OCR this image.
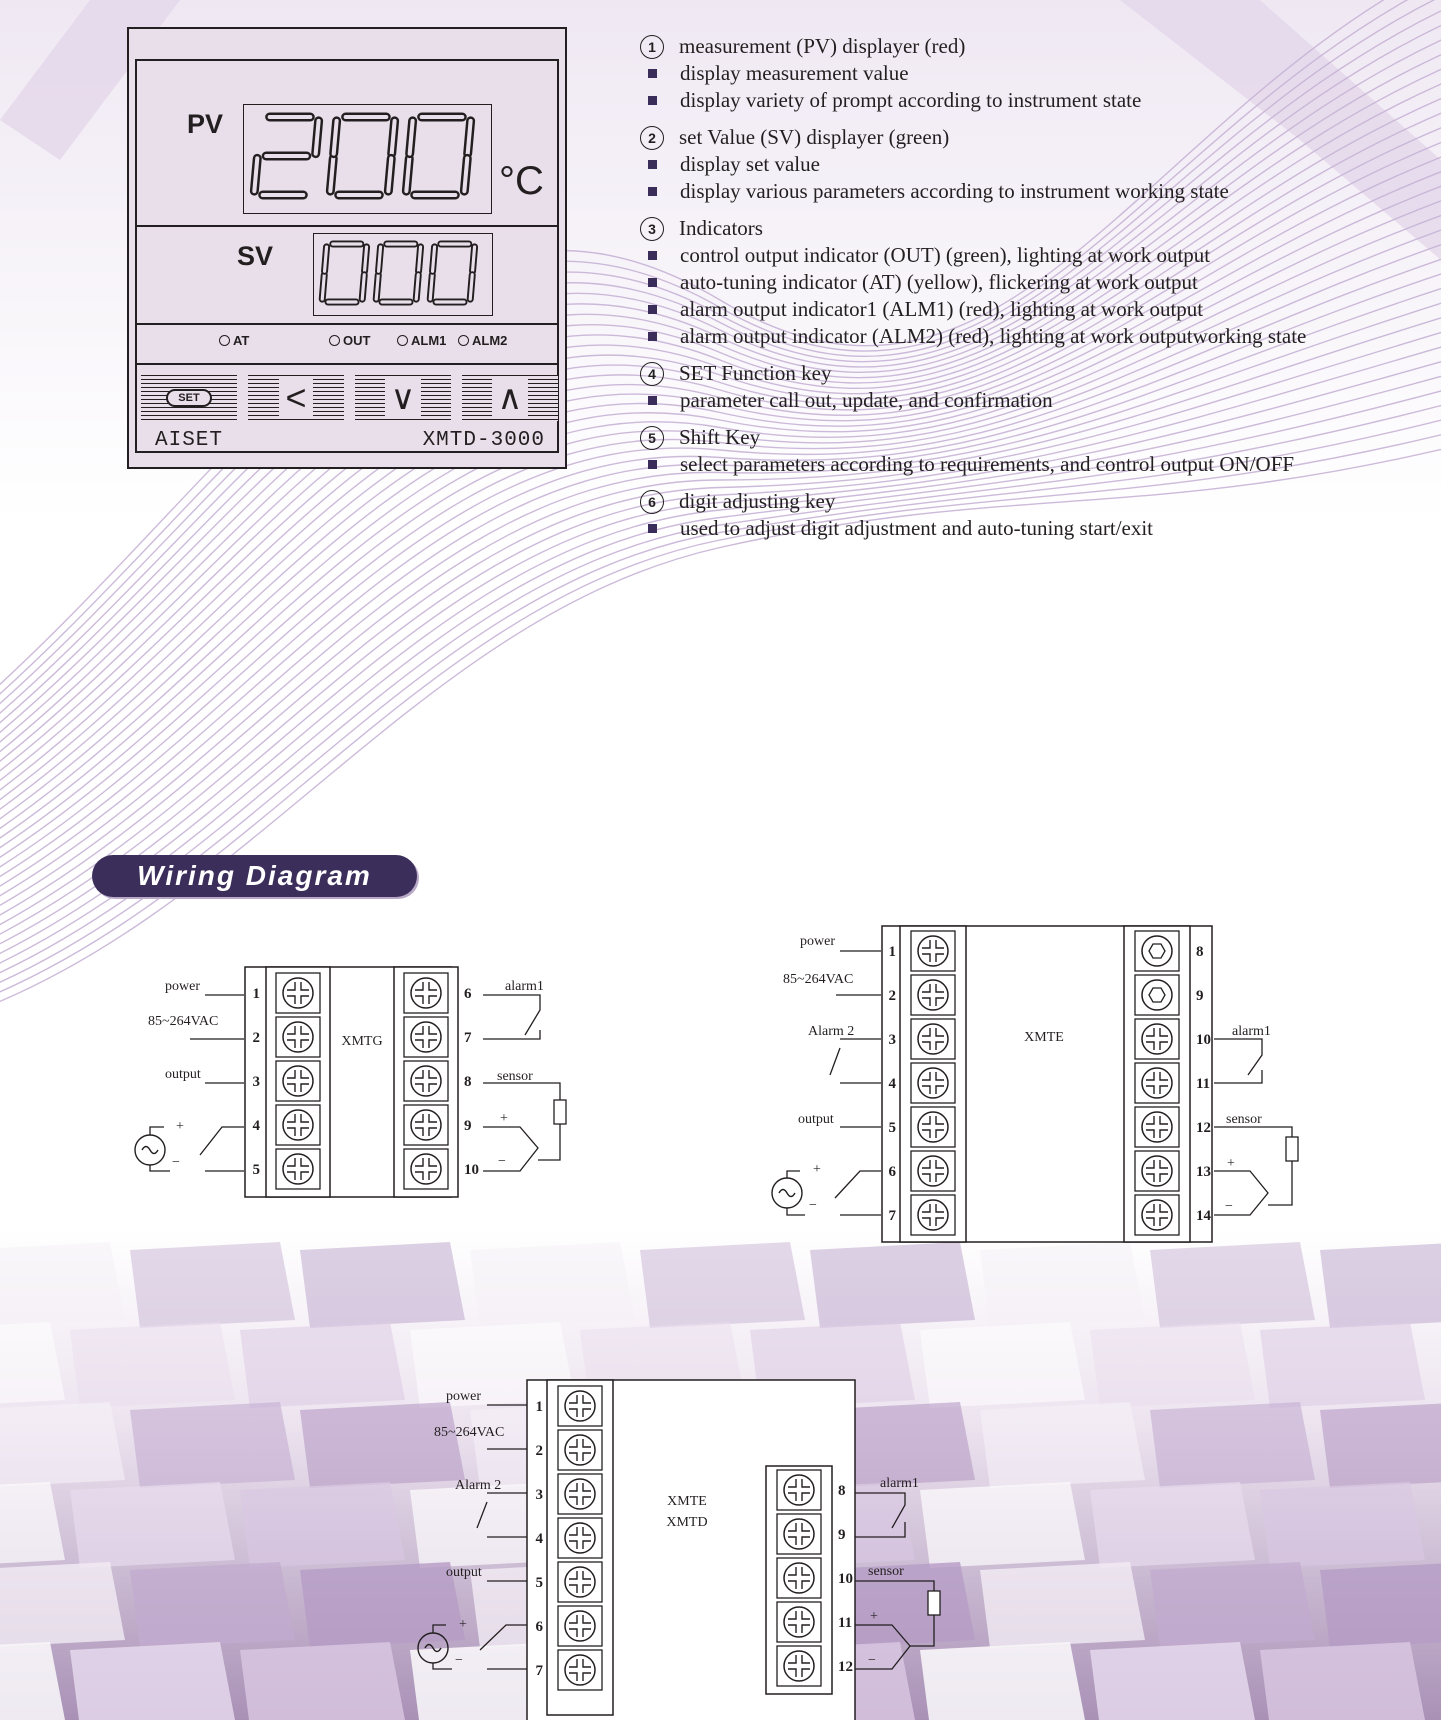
PV
°C
SV
AT	OUT	ALM1 ALM2
SET	< ∨ ∧
AISET	XMTD-3000
1	measurement (PV) displayer (red)
display measurement value
display variety of prompt according to instrument state
2	set Value (SV) displayer (green)
display set value
display various parameters according to instrument working state
3	Indicators
control output indicator (OUT) (green), lighting at work output
auto-tuning indicator (AT) (yellow), flickering at work output
alarm output indicator1 (ALM1) (red), lighting at work output
alarm output indicator (ALM2) (red), lighting at work outputworking state
4	SET Function key
parameter call out, update, and confirmation
5	Shift Key
select parameters according to requirements, and control output ON/OFF
6	digit adjusting key
used to adjust digit adjustment and auto-tuning start/exit
Wiring Diagram
1
2
3
4
5
6
7
8
9
10
XMTG
power
85~264VAC
output
+
−
alarm1
sensor
+
−
1
2
3
4
5
6
7
8
9
10
11
12
13
14
XMTE
power
85~264VAC
Alarm 2
output
+
−
alarm1
sensor
+
−
1
2
3
4
5
6
7
8
9
10
11
12
XMTE
XMTD
power
85~264VAC
Alarm 2
output
+
−
alarm1
sensor
+
−
